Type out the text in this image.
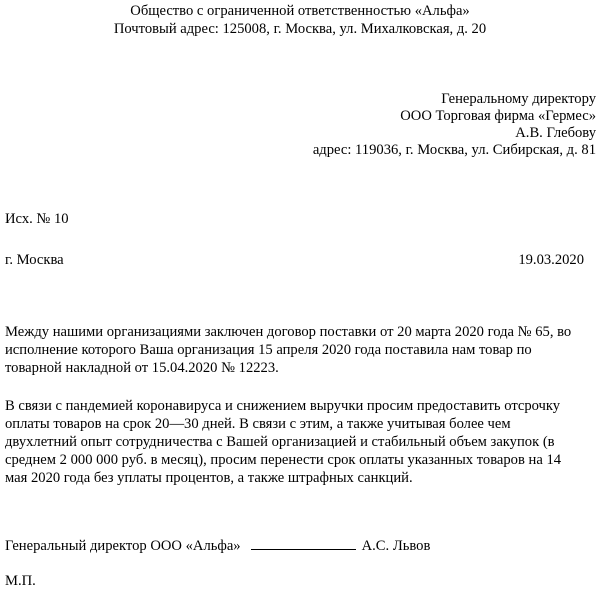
Общество с ограниченной ответственностью «Альфа»
Почтовый адрес: 125008, г. Москва, ул. Михалковская, д. 20
Генеральному директору
ООО Торговая фирма «Гермес»
А.В. Глебову
адрес: 119036, г. Москва, ул. Сибирская, д. 81
Исх. № 10
г. Москва	19.03.2020
Между нашими организациями заключен договор поставки от 20 марта 2020 года № 65, во
исполнение которого Ваша организация 15 апреля 2020 года поставила нам товар по
товарной накладной от 15.04.2020 № 12223.
В связи с пандемией коронавируса и снижением выручки просим предоставить отсрочку
оплаты товаров на срок 20—30 дней. В связи с этим, а также учитывая более чем
двухлетний опыт сотрудничества с Вашей организацией и стабильный объем закупок (в
среднем 2 000 000 руб. в месяц), просим перенести срок оплаты указанных товаров на 14
мая 2020 года без уплаты процентов, а также штрафных санкций.
Генеральный директор ООО «Альфа»	А.С. Львов
М.П.
